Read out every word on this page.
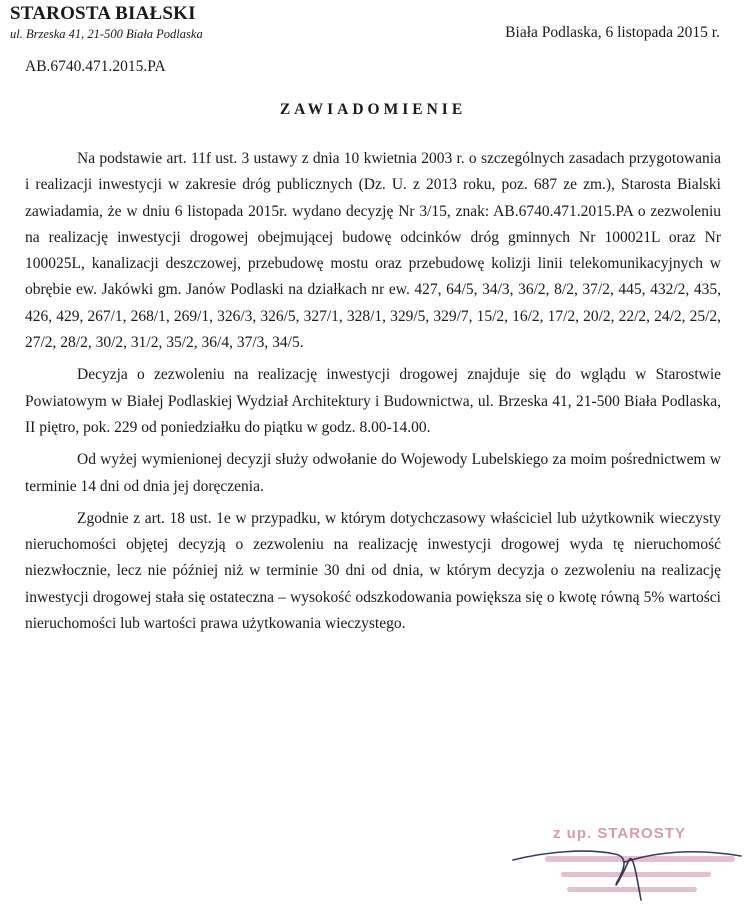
STAROSTA BIAŁSKI
ul. Brzeska 41, 21-500 Biała Podlaska	Biała Podlaska, 6 listopada 2015 r.
AB.6740.471.2015.PA
ZAWIADOMIENIE

Na podstawie art. 11f ust. 3 ustawy z dnia 10 kwietnia 2003 r. o szczególnych zasadach przygotowania i realizacji inwestycji w zakresie dróg publicznych (Dz. U. z 2013 roku, poz. 687 ze zm.), Starosta Bialski zawiadamia, że w dniu 6 listopada 2015r. wydano decyzję Nr 3/15, znak: AB.6740.471.2015.PA o zezwoleniu na realizację inwestycji drogowej obejmującej budowę odcinków dróg gminnych Nr 100021L oraz Nr 100025L, kanalizacji deszczowej, przebudowę mostu oraz przebudowę kolizji linii telekomunikacyjnych w obrębie ew. Jakówki gm. Janów Podlaski na działkach nr ew. 427, 64/5, 34/3, 36/2, 8/2, 37/2, 445, 432/2, 435, 426, 429, 267/1, 268/1, 269/1, 326/3, 326/5, 327/1, 328/1, 329/5, 329/7, 15/2, 16/2, 17/2, 20/2, 22/2, 24/2, 25/2, 27/2, 28/2, 30/2, 31/2, 35/2, 36/4, 37/3, 34/5.

Decyzja o zezwoleniu na realizację inwestycji drogowej znajduje się do wglądu w Starostwie Powiatowym w Białej Podlaskiej Wydział Architektury i Budownictwa, ul. Brzeska 41, 21-500 Biała Podlaska, II piętro, pok. 229 od poniedziałku do piątku w godz. 8.00-14.00.

Od wyżej wymienionej decyzji służy odwołanie do Wojewody Lubelskiego za moim pośrednictwem w terminie 14 dni od dnia jej doręczenia.

Zgodnie z art. 18 ust. 1e w przypadku, w którym dotychczasowy właściciel lub użytkownik wieczysty nieruchomości objętej decyzją o zezwoleniu na realizację inwestycji drogowej wyda tę nieruchomość niezwłocznie, lecz nie później niż w terminie 30 dni od dnia, w którym decyzja o zezwoleniu na realizację inwestycji drogowej stała się ostateczna – wysokość odszkodowania powiększa się o kwotę równą 5% wartości nieruchomości lub wartości prawa użytkowania wieczystego.

z up. STAROSTY
